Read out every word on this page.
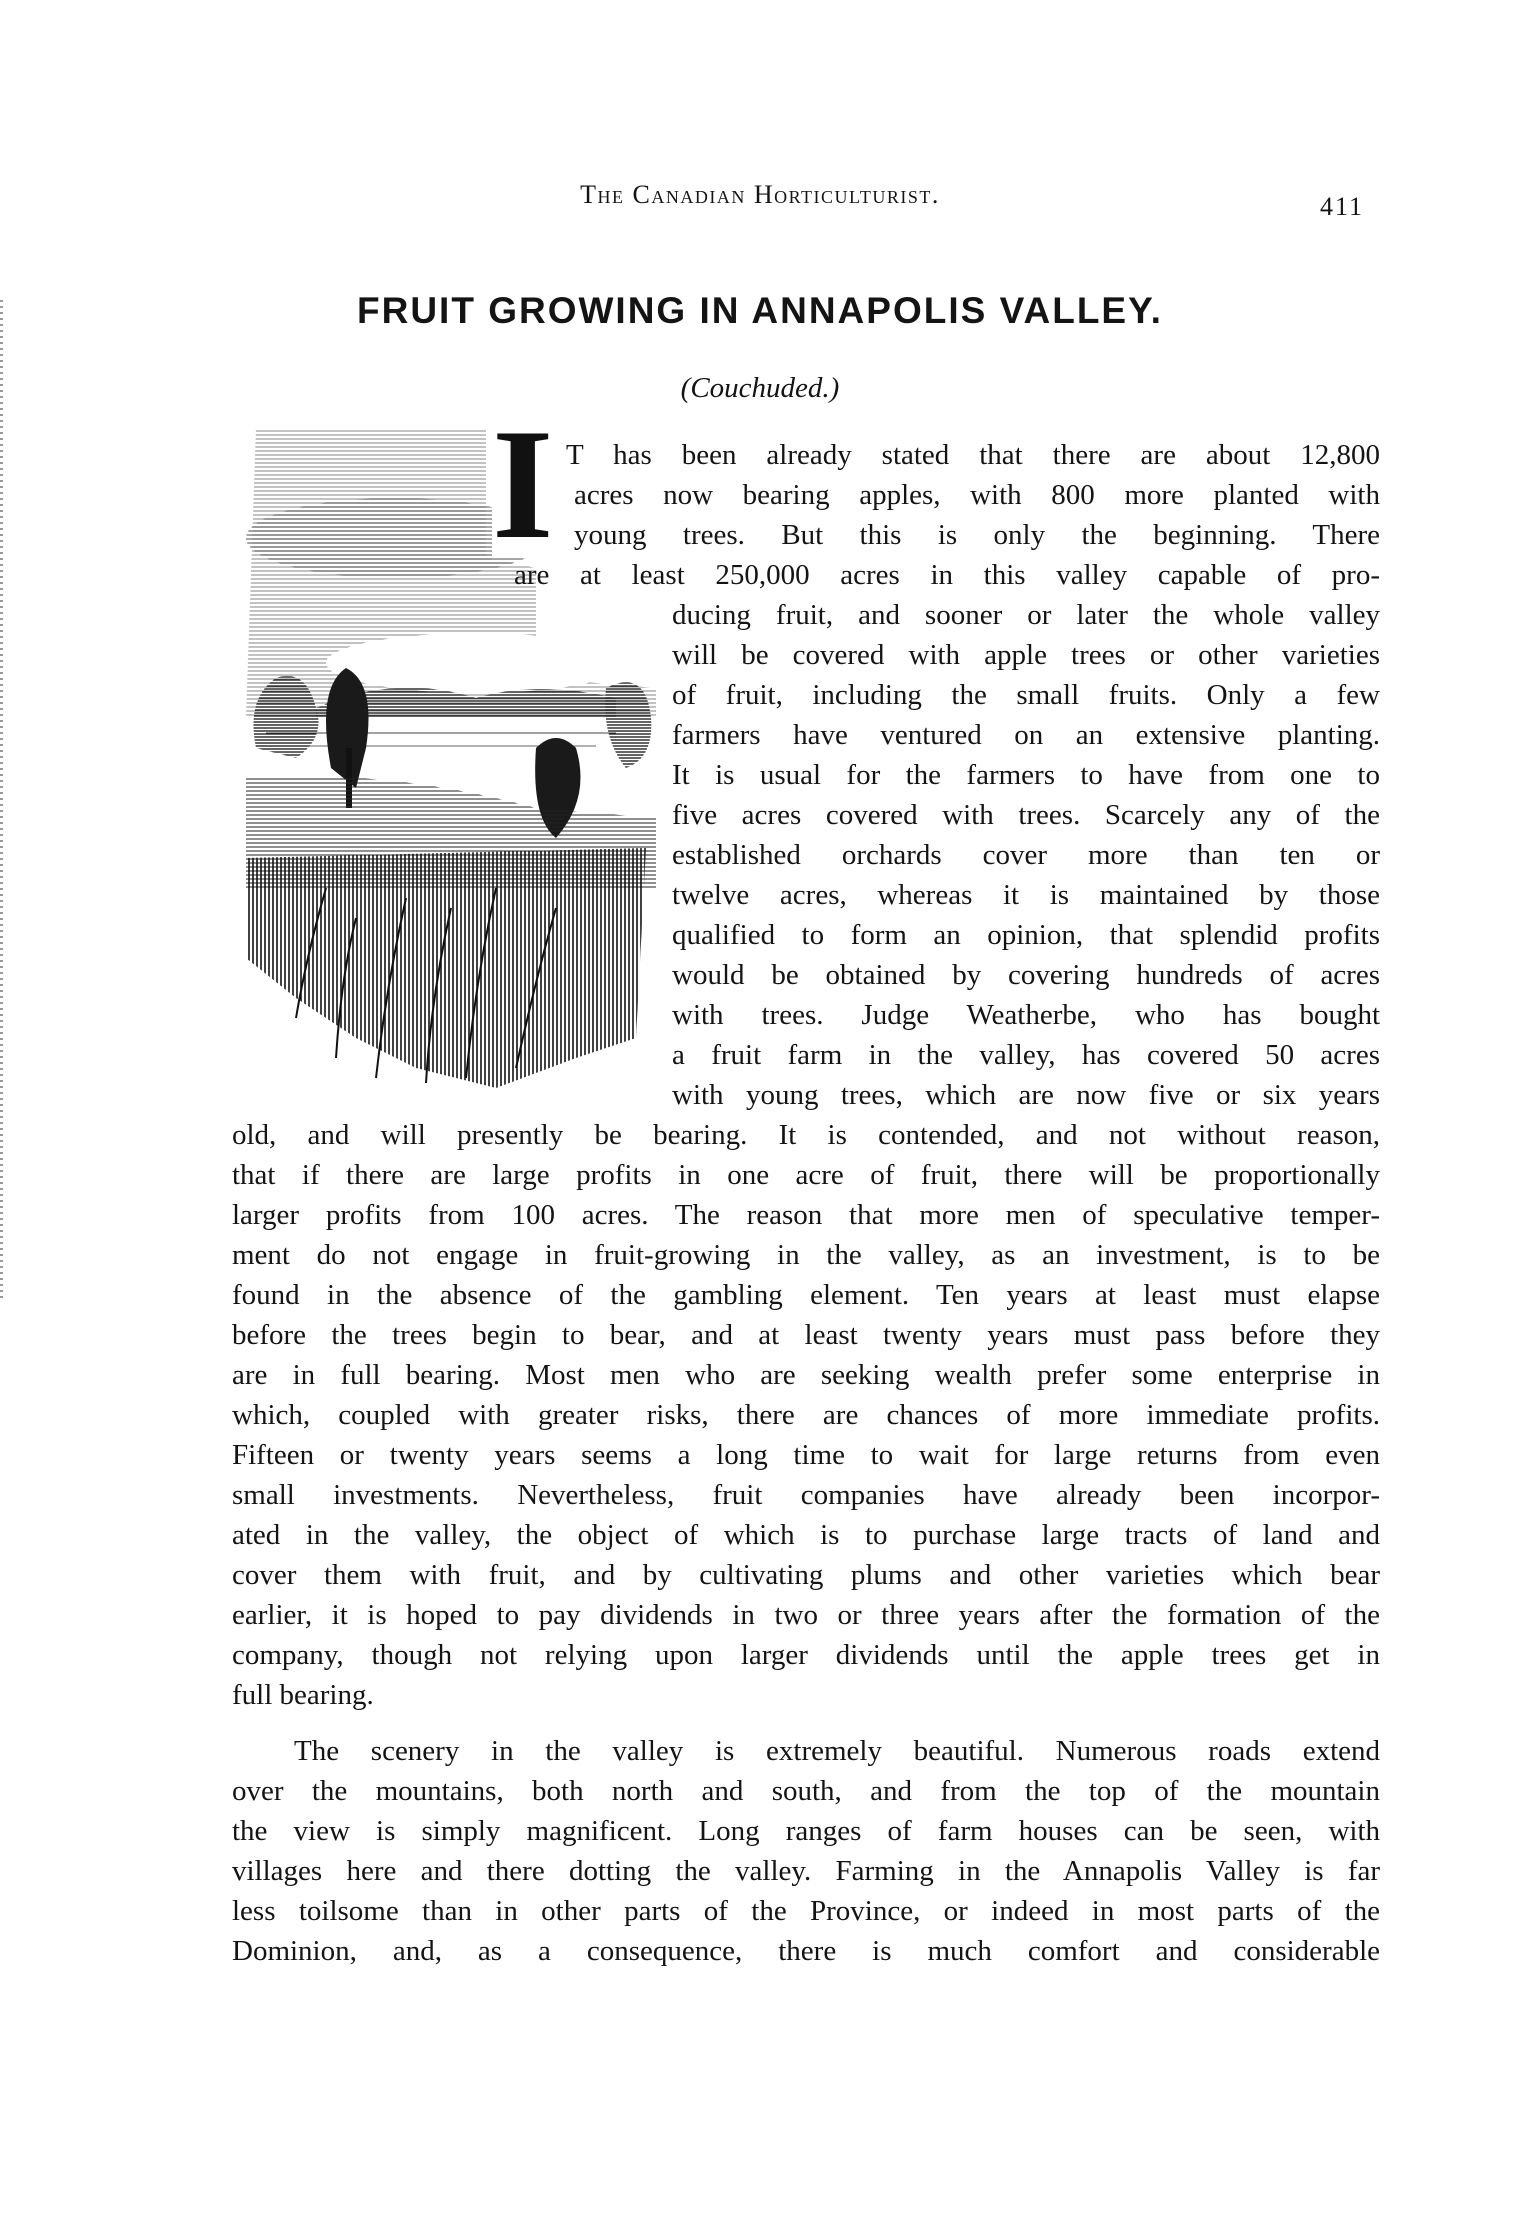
The Canadian Horticulturist.	411
FRUIT GROWING IN ANNAPOLIS VALLEY.
(Couchuded.)
I T has been already stated that there are about 12,800
acres now bearing apples, with 800 more planted with
young trees. But this is only the beginning. There
are at least 250,000 acres in this valley capable of pro-
ducing fruit, and sooner or later the whole valley
will be covered with apple trees or other varieties
of fruit, including the small fruits. Only a few
farmers have ventured on an extensive planting.
It is usual for the farmers to have from one to
five acres covered with trees. Scarcely any of the
established orchards cover more than ten or
twelve acres, whereas it is maintained by those
qualified to form an opinion, that splendid profits
would be obtained by covering hundreds of acres
with trees. Judge Weatherbe, who has bought
a fruit farm in the valley, has covered 50 acres
with young trees, which are now five or six years
old, and will presently be bearing. It is contended, and not without reason,
that if there are large profits in one acre of fruit, there will be proportionally
larger profits from 100 acres. The reason that more men of speculative temper-
ment do not engage in fruit-growing in the valley, as an investment, is to be
found in the absence of the gambling element. Ten years at least must elapse
before the trees begin to bear, and at least twenty years must pass before they
are in full bearing. Most men who are seeking wealth prefer some enterprise in
which, coupled with greater risks, there are chances of more immediate profits.
Fifteen or twenty years seems a long time to wait for large returns from even
small investments. Nevertheless, fruit companies have already been incorpor-
ated in the valley, the object of which is to purchase large tracts of land and
cover them with fruit, and by cultivating plums and other varieties which bear
earlier, it is hoped to pay dividends in two or three years after the formation of the
company, though not relying upon larger dividends until the apple trees get in
full bearing.
The scenery in the valley is extremely beautiful. Numerous roads extend
over the mountains, both north and south, and from the top of the mountain
the view is simply magnificent. Long ranges of farm houses can be seen, with
villages here and there dotting the valley. Farming in the Annapolis Valley is far
less toilsome than in other parts of the Province, or indeed in most parts of the
Dominion, and, as a consequence, there is much comfort and considerable
